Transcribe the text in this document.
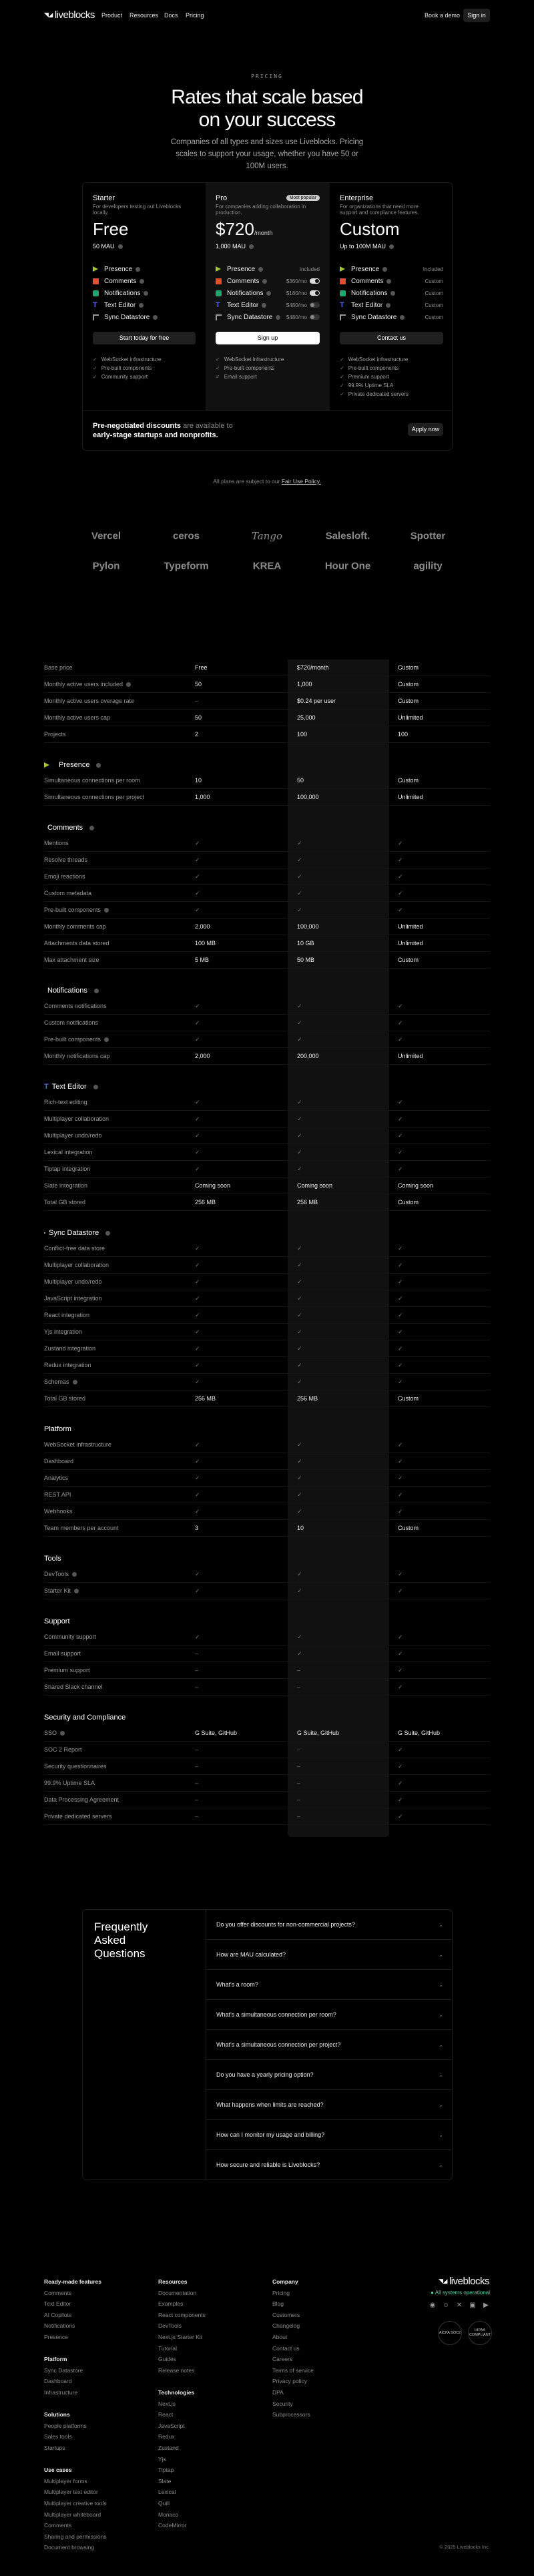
◥◢ liveblocks Product Resources Docs Pricing	Book a demo	Sign in
PRICING
Rates that scale based
on your success
Companies of all types and sizes use Liveblocks. Pricing scales to support your usage, whether you have 50 or 100M users.
Pre-negotiated discounts are available to
early-stage startups and nonprofits.
Apply now
Starter
For developers testing out Liveblocks locally.
Free
50 MAU
Presence
Comments
Notifications
T Text Editor
Sync Datastore
Start today for free
✓ WebSocket infrastructure
✓ Pre-built components
✓ Community support
Pro
For companies adding collaboration in production.
Most popular
$720/month
1,000 MAU
Presence	Included
Comments	$360/mo
Notifications	$180/mo
T Text Editor	$480/mo
Sync Datastore	$480/mo
Sign up
✓ WebSocket infrastructure
✓ Pre-built components
✓ Email support
Enterprise
For organizations that need more support and compliance features.
Custom
Up to 100M MAU
Presence	Included
Comments	Custom
Notifications	Custom
T Text Editor	Custom
Sync Datastore	Custom
Contact us
✓ WebSocket infrastructure
✓ Pre-built components
✓ Premium support
✓ 99.9% Uptime SLA
✓ Private dedicated servers
All plans are subject to our Fair Use Policy.
Vercel	ceros	Tango	Salesloft.	Spotter
Pylon	Typeform	KREA	Hour One	agility
Base price	Free	$720/month	Custom
Monthly active users included	50	1,000	Custom
Monthly active users overage rate	–	$0.24 per user	Custom
Monthly active users cap	50	25,000	Unlimited
Projects	2	100	100
Presence
Simultaneous connections per room	10	50	Custom
Simultaneous connections per project	1,000	100,000	Unlimited
Comments
Mentions	✓	✓	✓
Resolve threads	✓	✓	✓
Emoji reactions	✓	✓	✓
Custom metadata	✓	✓	✓
Pre-built components	✓	✓	✓
Monthly comments cap	2,000	100,000	Unlimited
Attachments data stored	100 MB	10 GB	Unlimited
Max attachment size	5 MB	50 MB	Custom
Notifications
Comments notifications	✓	✓	✓
Custom notifications	✓	✓	✓
Pre-built components	✓	✓	✓
Monthly notifications cap	2,000	200,000	Unlimited
T Text Editor
Rich-text editing	✓	✓	✓
Multiplayer collaboration	✓	✓	✓
Multiplayer undo/redo	✓	✓	✓
Lexical integration	✓	✓	✓
Tiptap integration	✓	✓	✓
Slate integration	Coming soon	Coming soon	Coming soon
Total GB stored	256 MB	256 MB	Custom
Sync Datastore
Conflict-free data store	✓	✓	✓
Multiplayer collaboration	✓	✓	✓
Multiplayer undo/redo	✓	✓	✓
JavaScript integration	✓	✓	✓
React integration	✓	✓	✓
Yjs integration	✓	✓	✓
Zustand integration	✓	✓	✓
Redux integration	✓	✓	✓
Schemas	✓	✓	✓
Total GB stored	256 MB	256 MB	Custom
Platform
WebSocket infrastructure	✓	✓	✓
Dashboard	✓	✓	✓
Analytics	✓	✓	✓
REST API	✓	✓	✓
Webhooks	✓	✓	✓
Team members per account	3	10	Custom
Tools
DevTools	✓	✓	✓
Starter Kit	✓	✓	✓
Support
Community support	✓	✓	✓
Email support	–	✓	✓
Premium support	–	–	✓
Shared Slack channel	–	–	✓
Security and Compliance
SSO	G Suite, GitHub	G Suite, GitHub	G Suite, GitHub
SOC 2 Report	–	–	✓
Security questionnaires	–	–	✓
99.9% Uptime SLA	–	–	✓
Data Processing Agreement	–	–	✓
Private dedicated servers	–	–	✓
Frequently
Asked
Questions
Do you offer discounts for non-commercial projects?	⌄
How are MAU calculated?	⌄
What's a room?	⌄
What's a simultaneous connection per room?	⌄
What's a simultaneous connection per project?	⌄
Do you have a yearly pricing option?	⌄
What happens when limits are reached?	⌄
How can I monitor my usage and billing?	⌄
How secure and reliable is Liveblocks?	⌄
Ready-made features
Comments
Text Editor
AI Copilots
Notifications
Presence
Platform
Sync Datastore
Dashboard
Infrastructure
Solutions
People platforms
Sales tools
Startups
Use cases
Multiplayer forms
Multiplayer text editor
Multiplayer creative tools
Multiplayer whiteboard
Comments
Sharing and permissions
Document browsing
Resources
Documentation
Examples
React components
DevTools
Next.js Starter Kit
Tutorial
Guides
Release notes
Technologies
Next.js
React
JavaScript
Redux
Zustand
Yjs
Tiptap
Slate
Lexical
Quill
Monaco
CodeMirror
Company
Pricing
Blog
Customers
Changelog
About
Contact us
Careers
Terms of service
Privacy policy
DPA
Security
Subprocessors
◥◢ liveblocks
● All systems operational
◉ ☺ ✕ ▣ ▶
AICPA SOC2
HIPAA COMPLIANT
© 2025 Liveblocks Inc.
